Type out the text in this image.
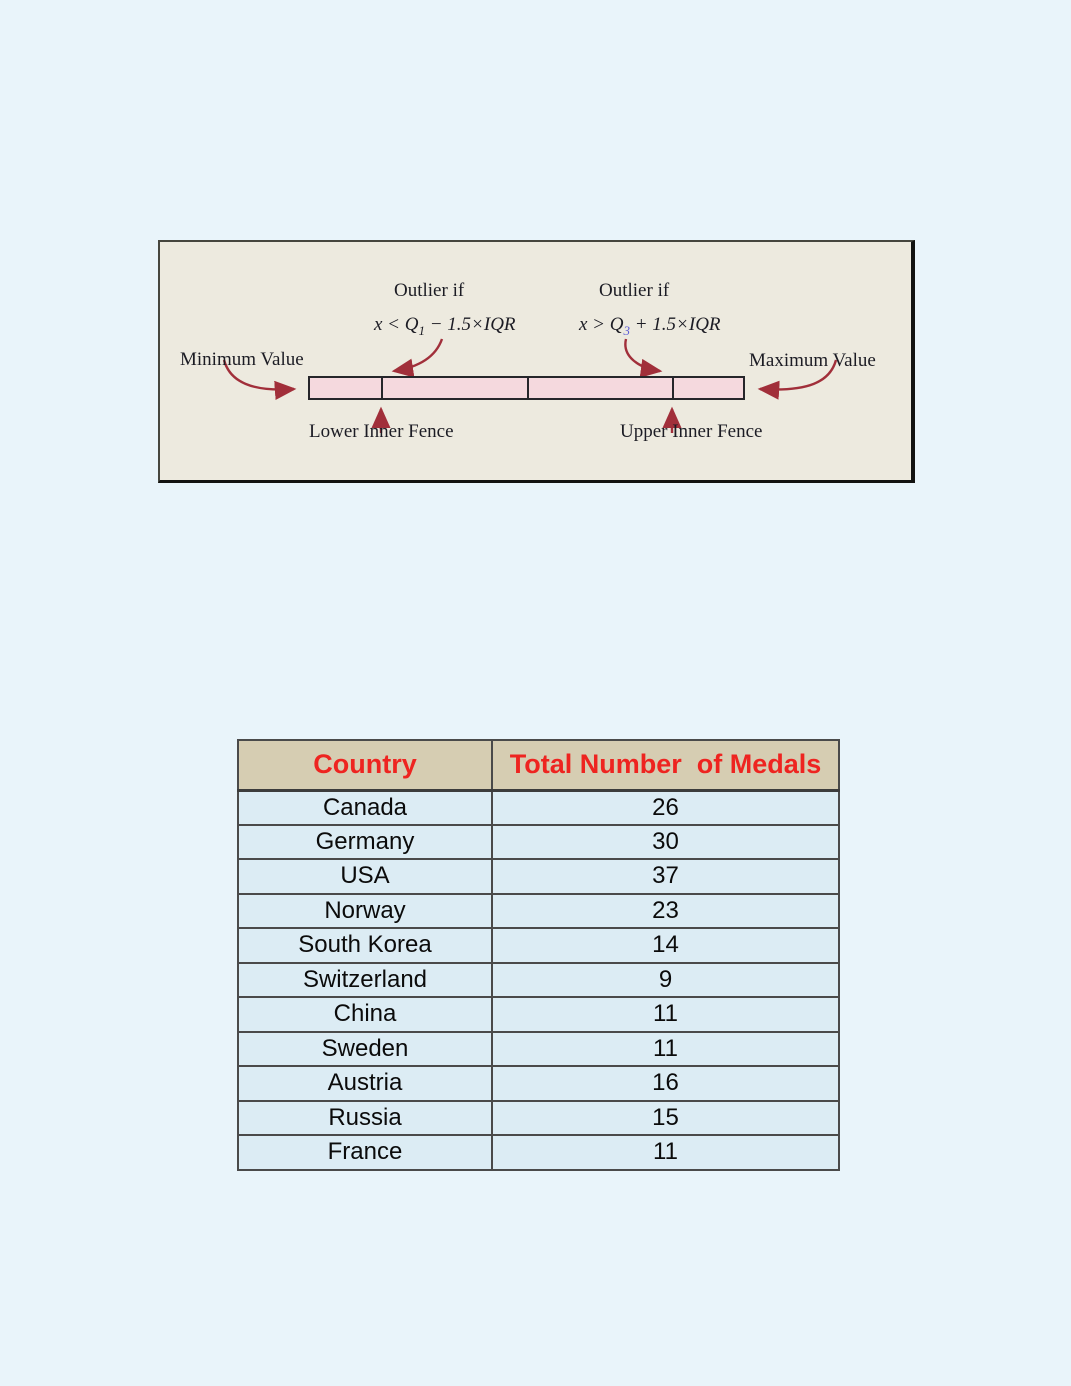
Outlier if	Outlier if
$x < Q_1 - 1.5\times IQR$	$x > Q_3 + 1.5\times IQR$
Minimum Value	Maximum Value
Lower Inner Fence	Upper Inner Fence
Country	Total Number  of Medals
Canada	26
Germany	30
USA	37
Norway	23
South Korea	14
Switzerland	9
China	11
Sweden	11
Austria	16
Russia	15
France	11
